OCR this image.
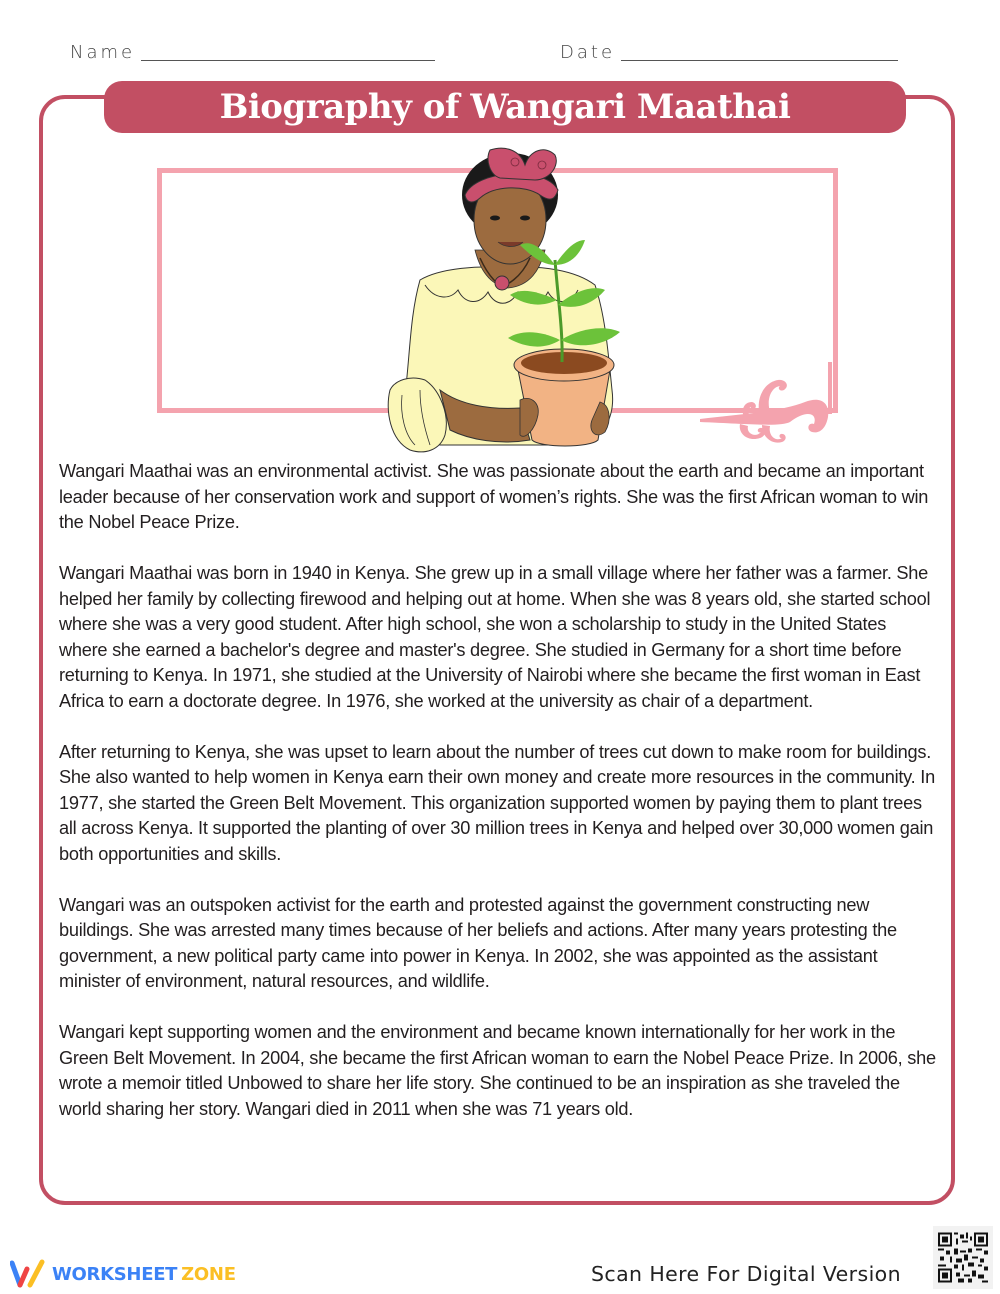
Name	Date
Biography of Wangari Maathai

Wangari Maathai was an environmental activist. She was passionate about the earth and became an important leader because of her conservation work and support of women’s rights. She was the first African woman to win the Nobel Peace Prize.

Wangari Maathai was born in 1940 in Kenya. She grew up in a small village where her father was a farmer. She helped her family by collecting firewood and helping out at home. When she was 8 years old, she started school where she was a very good student. After high school, she won a scholarship to study in the United States where she earned a bachelor's degree and master's degree. She studied in Germany for a short time before returning to Kenya. In 1971, she studied at the University of Nairobi where she became the first woman in East Africa to earn a doctorate degree. In 1976, she worked at the university as chair of a department.

After returning to Kenya, she was upset to learn about the number of trees cut down to make room for buildings. She also wanted to help women in Kenya earn their own money and create more resources in the community. In 1977, she started the Green Belt Movement. This organization supported women by paying them to plant trees all across Kenya. It supported the planting of over 30 million trees in Kenya and helped over 30,000 women gain both opportunities and skills.

Wangari was an outspoken activist for the earth and protested against the government constructing new buildings. She was arrested many times because of her beliefs and actions. After many years protesting the government, a new political party came into power in Kenya. In 2002, she was appointed as the assistant minister of environment, natural resources, and wildlife.

Wangari kept supporting women and the environment and became known internationally for her work in the Green Belt Movement. In 2004, she became the first African woman to earn the Nobel Peace Prize. In 2006, she wrote a memoir titled Unbowed to share her life story. She continued to be an inspiration as she traveled the world sharing her story. Wangari died in 2011 when she was 71 years old.

WORKSHEET ZONE	Scan Here For Digital Version
